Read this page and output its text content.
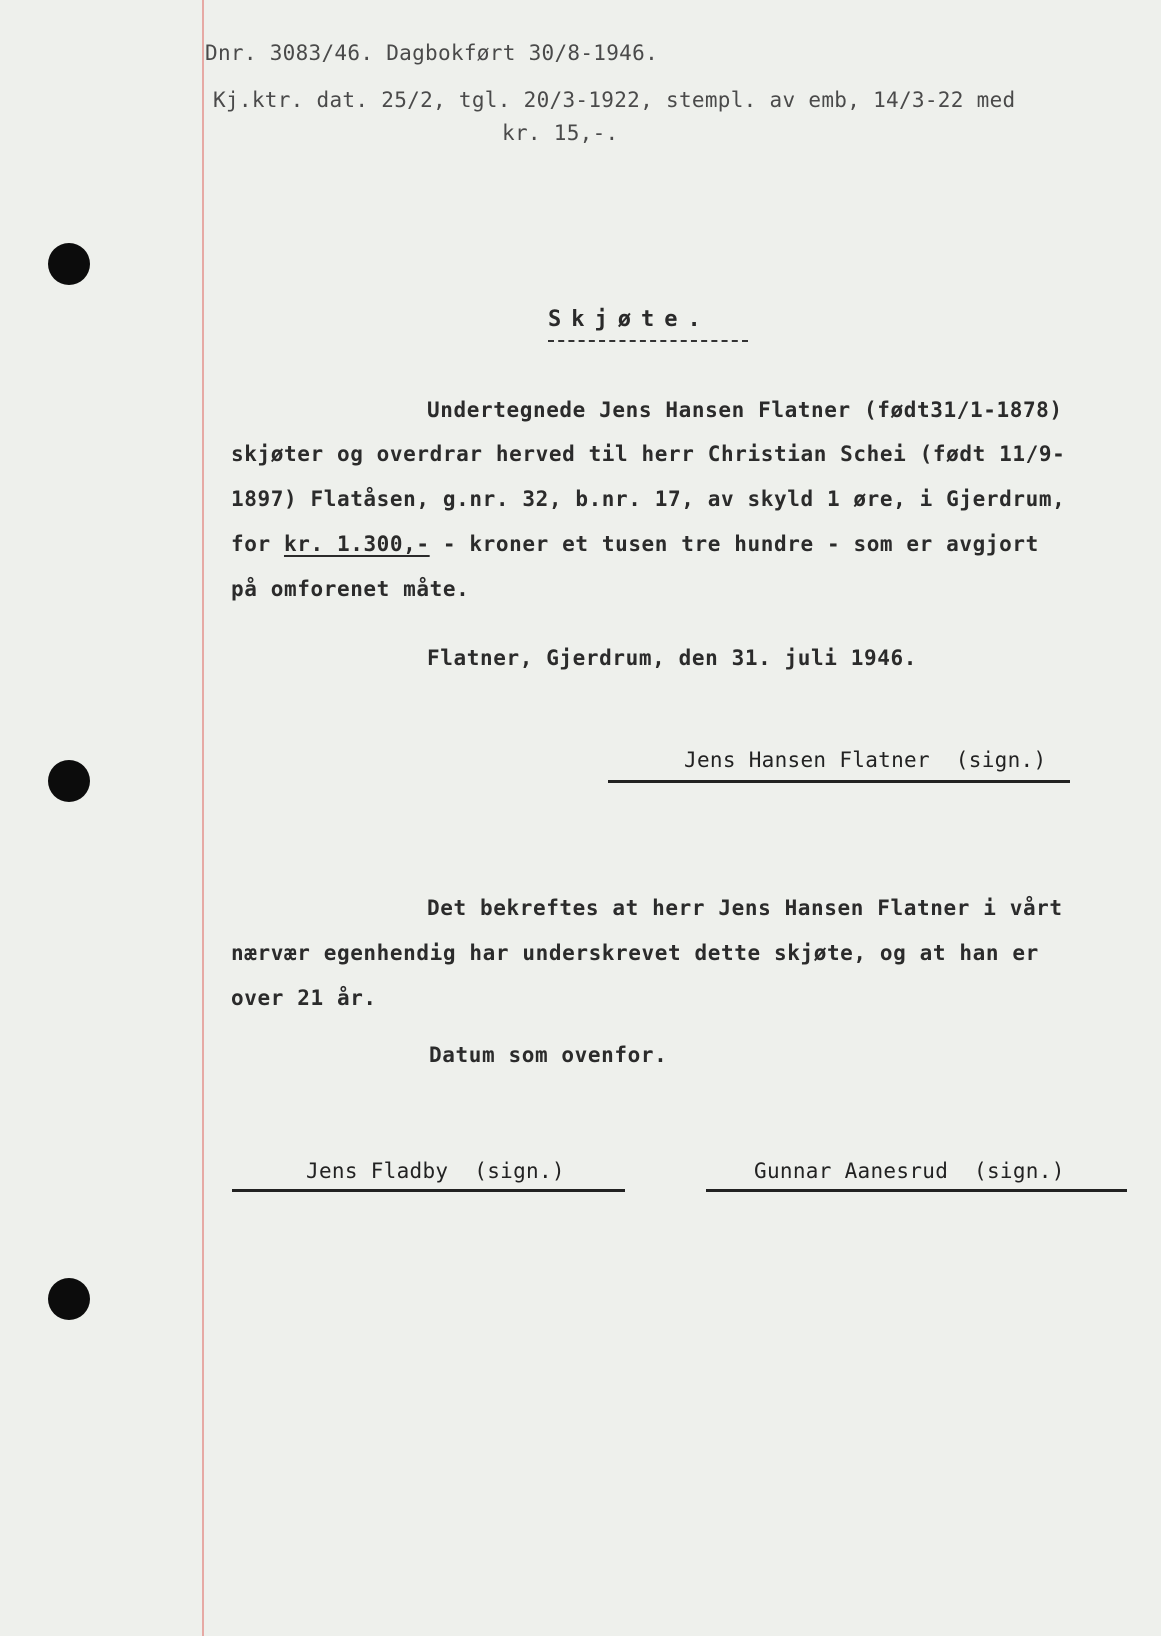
Dnr. 3083/46. Dagbokført 30/8-1946.
Kj.ktr. dat. 25/2, tgl. 20/3-1922, stempl. av emb, 14/3-22 med
kr. 15,-.
Skjøte.
Undertegnede Jens Hansen Flatner (født31/1-1878)
skjøter og overdrar herved til herr Christian Schei (født 11/9-
1897) Flatåsen, g.nr. 32, b.nr. 17, av skyld 1 øre, i Gjerdrum,
for kr. 1.300,- - kroner et tusen tre hundre - som er avgjort
på omforenet måte.
Flatner, Gjerdrum, den 31. juli 1946.
Jens Hansen Flatner  (sign.)
Det bekreftes at herr Jens Hansen Flatner i vårt
nærvær egenhendig har underskrevet dette skjøte, og at han er
over 21 år.
Datum som ovenfor.
Jens Fladby  (sign.)	Gunnar Aanesrud  (sign.)
